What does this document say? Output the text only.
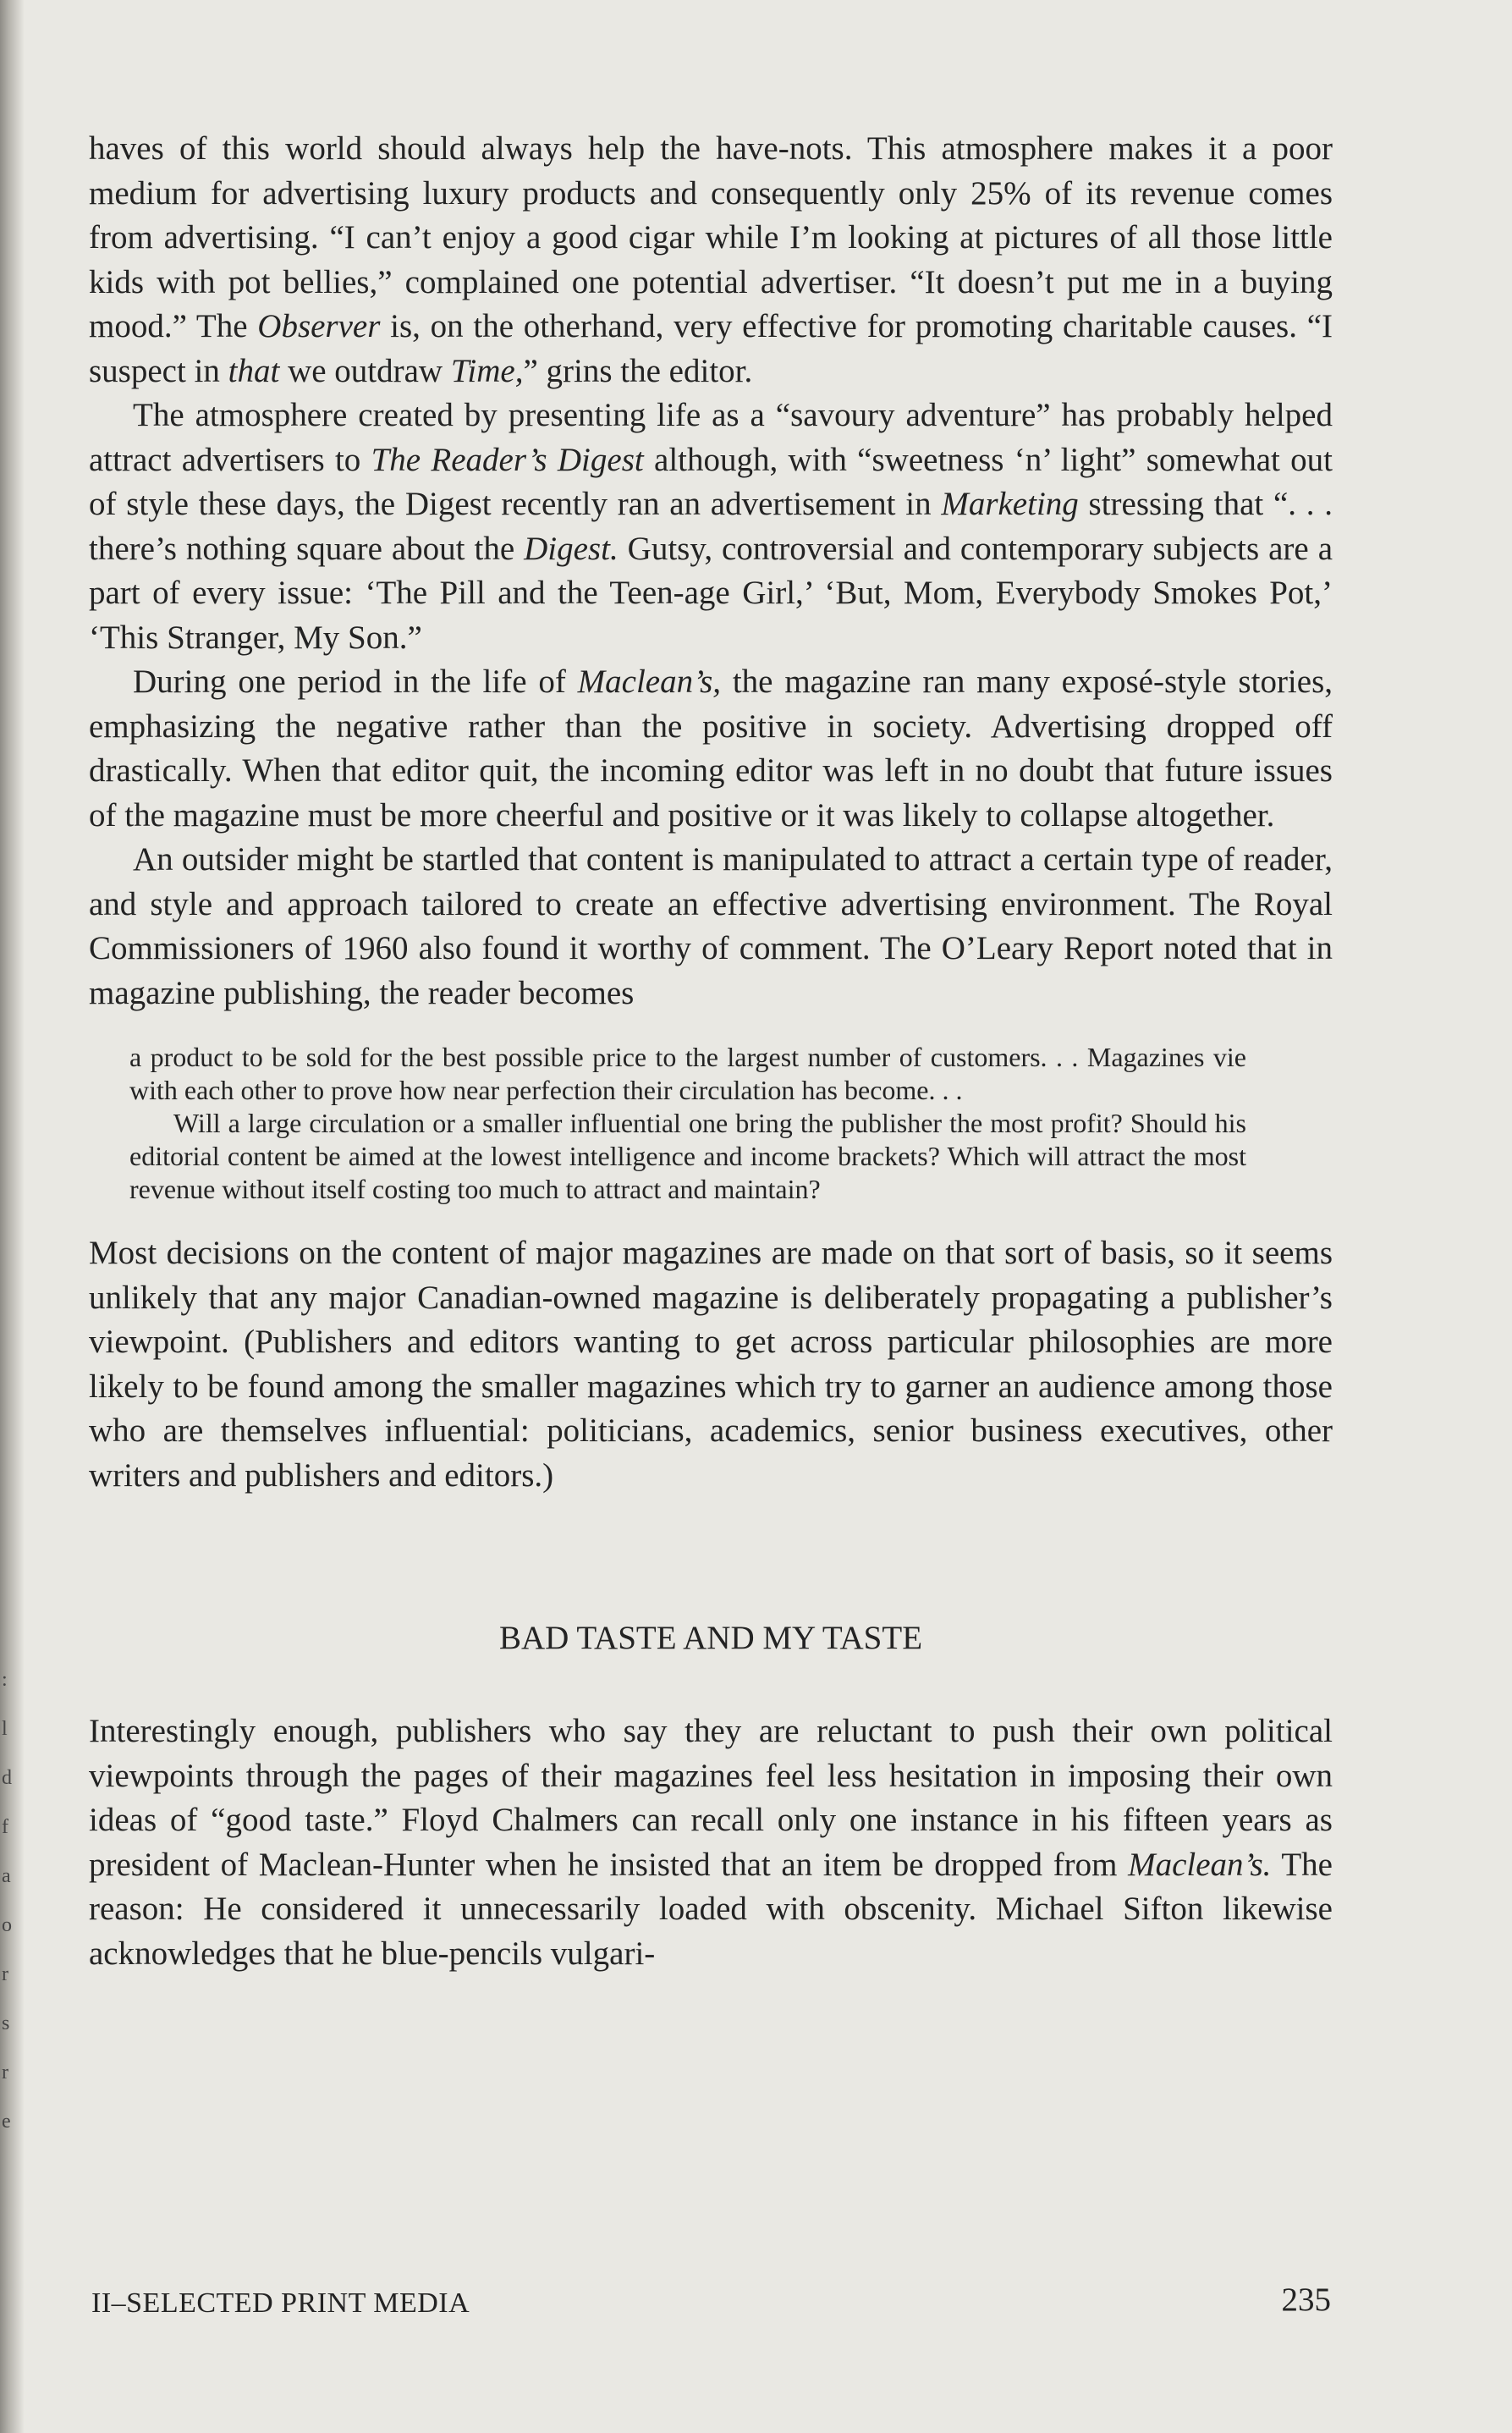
:
l
d
f
a
o
r
s
r
e

haves of this world should always help the have-nots. This atmosphere makes it a poor medium for advertising luxury products and consequently only 25% of its revenue comes from advertising. “I can’t enjoy a good cigar while I’m looking at pictures of all those little kids with pot bellies,” complained one potential advertiser. “It doesn’t put me in a buying mood.” The Observer is, on the otherhand, very effective for promoting charitable causes. “I suspect in that we outdraw Time,” grins the editor.

The atmosphere created by presenting life as a “savoury adventure” has probably helped attract advertisers to The Reader’s Digest although, with “sweetness ‘n’ light” somewhat out of style these days, the Digest recently ran an advertisement in Marketing stressing that “. . . there’s nothing square about the Digest. Gutsy, controversial and contemporary subjects are a part of every issue: ‘The Pill and the Teen-age Girl,’ ‘But, Mom, Everybody Smokes Pot,’ ‘This Stranger, My Son.”

During one period in the life of Maclean’s, the magazine ran many exposé-style stories, emphasizing the negative rather than the positive in society. Advertising dropped off drastically. When that editor quit, the incoming editor was left in no doubt that future issues of the magazine must be more cheerful and positive or it was likely to collapse altogether.

An outsider might be startled that content is manipulated to attract a certain type of reader, and style and approach tailored to create an effective advertising environment. The Royal Commissioners of 1960 also found it worthy of comment. The O’Leary Report noted that in magazine publishing, the reader becomes

a product to be sold for the best possible price to the largest number of customers. . . Magazines vie with each other to prove how near perfection their circulation has become. . .

Will a large circulation or a smaller influential one bring the publisher the most profit? Should his editorial content be aimed at the lowest intelligence and income brackets? Which will attract the most revenue without itself costing too much to attract and maintain?

Most decisions on the content of major magazines are made on that sort of basis, so it seems unlikely that any major Canadian-owned magazine is deliberately propagating a publisher’s viewpoint. (Publishers and editors wanting to get across particular philosophies are more likely to be found among the smaller magazines which try to garner an audience among those who are themselves influential: politicians, academics, senior business executives, other writers and publishers and editors.)

BAD TASTE AND MY TASTE

Interestingly enough, publishers who say they are reluctant to push their own political viewpoints through the pages of their magazines feel less hesitation in imposing their own ideas of “good taste.” Floyd Chalmers can recall only one instance in his fifteen years as president of Maclean-Hunter when he insisted that an item be dropped from Maclean’s. The reason: He considered it unnecessarily loaded with obscenity. Michael Sifton likewise acknowledges that he blue-pencils vulgari-

II–SELECTED PRINT MEDIA	235
